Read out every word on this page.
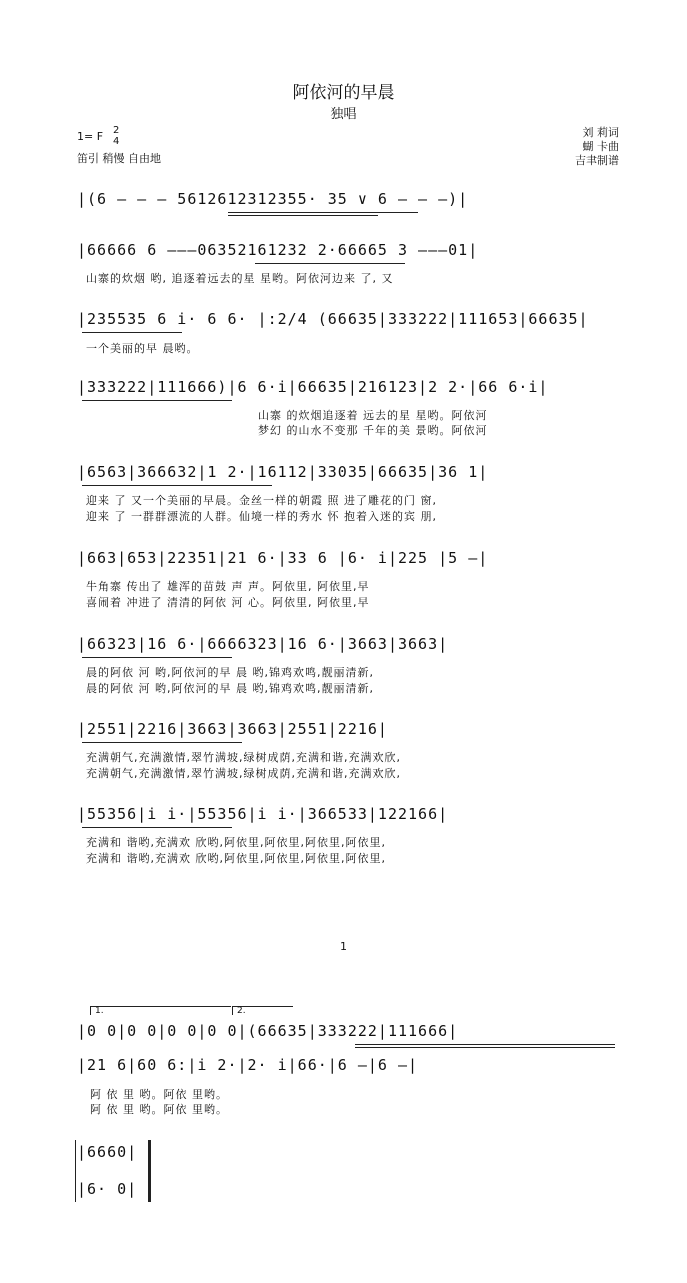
阿依河的早晨
独唱
1= F 2
4
笛引 稍慢 自由地
刘 莉词
蝴 卡曲
吉聿制谱
|(6 — — — 5612612312355· 35 ∨ 6 — — —)|
|66666 6 ———06352161232 2·66665 3 ———01|
山寨的炊烟 哟, 追逐着远去的星 星哟。阿依河边来 了, 又
|235535 6 i· 6 6· |:2/4 (66635|333222|111653|66635|
一个美丽的早 晨哟。
|333222|111666)|6 6·i|66635|216123|2 2·|66 6·i|
山寨 的炊烟追逐着 远去的星 星哟。阿依河
梦幻 的山水不变那 千年的美 景哟。阿依河
|6563|366632|1 2·|16112|33035|66635|36 1|
迎来 了 又一个美丽的早晨。金丝一样的朝霞 照 进了雕花的门 窗,
迎来 了 一群群漂流的人群。仙境一样的秀水 怀 抱着入迷的宾 朋,
|663|653|22351|21 6·|33 6 |6· i|225 |5 —|
牛角寨 传出了 雄浑的苗鼓 声 声。阿依里, 阿依里,早
喜闹着 冲进了 清清的阿依 河 心。阿依里, 阿依里,早
|66323|16 6·|6666323|16 6·|3663|3663|
晨的阿依 河 哟,阿依河的早 晨 哟,锦鸡欢鸣,靓丽清新,
晨的阿依 河 哟,阿依河的早 晨 哟,锦鸡欢鸣,靓丽清新,
|2551|2216|3663|3663|2551|2216|
充满朝气,充满激情,翠竹满坡,绿树成荫,充满和谐,充满欢欣,
充满朝气,充满激情,翠竹满坡,绿树成荫,充满和谐,充满欢欣,
|55356|i i·|55356|i i·|366533|122166|
充满和 谐哟,充满欢 欣哟,阿依里,阿依里,阿依里,阿依里,
充满和 谐哟,充满欢 欣哟,阿依里,阿依里,阿依里,阿依里,
1
1.	2.
|0 0|0 0|0 0|0 0|(66635|333222|111666|
|21 6|60 6:|i 2·|2· i|66·|6 —|6 —|
阿 依 里 哟。阿依 里哟。
阿 依 里 哟。阿依 里哟。
|6660|
|6· 0|
